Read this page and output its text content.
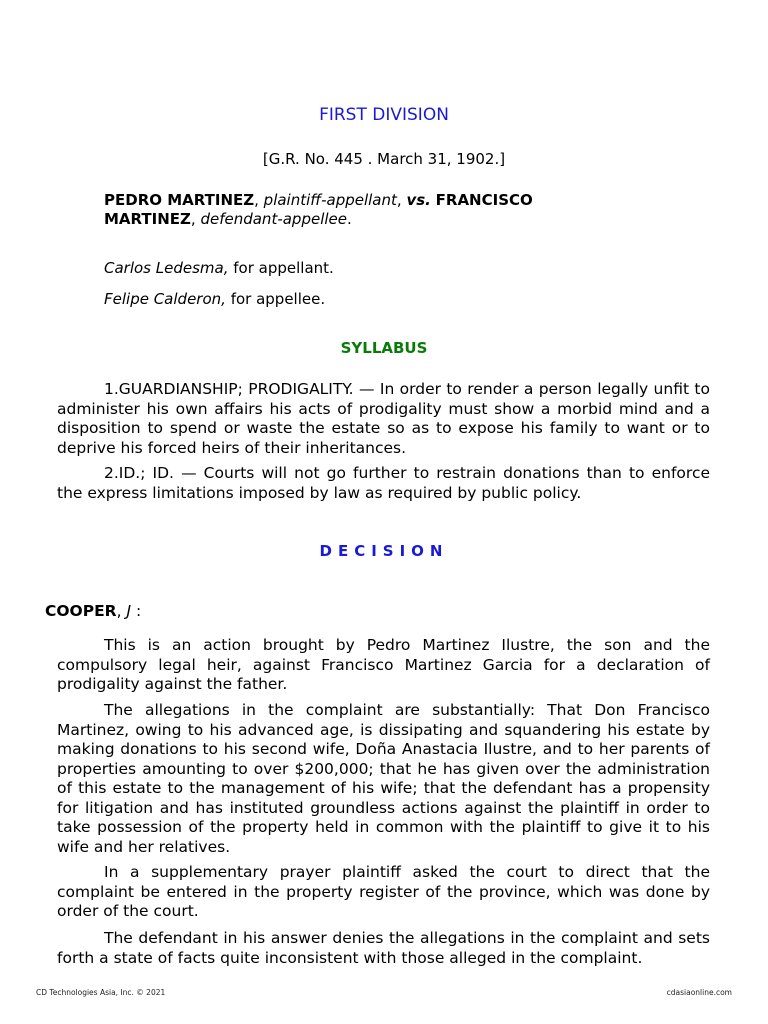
FIRST DIVISION
[G.R. No. 445 . March 31, 1902.]
PEDRO MARTINEZ, plaintiff-appellant, vs. FRANCISCO MARTINEZ, defendant-appellee.
Carlos Ledesma, for appellant.
Felipe Calderon, for appellee.
SYLLABUS
1.GUARDIANSHIP; PRODIGALITY. — In order to render a person legally unfit to administer his own affairs his acts of prodigality must show a morbid mind and a disposition to spend or waste the estate so as to expose his family to want or to deprive his forced heirs of their inheritances.
2.ID.; ID. — Courts will not go further to restrain donations than to enforce the express limitations imposed by law as required by public policy.
DECISION
COOPER, J :
This is an action brought by Pedro Martinez Ilustre, the son and the compulsory legal heir, against Francisco Martinez Garcia for a declaration of prodigality against the father.
The allegations in the complaint are substantially: That Don Francisco Martinez, owing to his advanced age, is dissipating and squandering his estate by making donations to his second wife, Doña Anastacia Ilustre, and to her parents of properties amounting to over $200,000; that he has given over the administration of this estate to the management of his wife; that the defendant has a propensity for litigation and has instituted groundless actions against the plaintiff in order to take possession of the property held in common with the plaintiff to give it to his wife and her relatives.
In a supplementary prayer plaintiff asked the court to direct that the complaint be entered in the property register of the province, which was done by order of the court.
The defendant in his answer denies the allegations in the complaint and sets forth a state of facts quite inconsistent with those alleged in the complaint.
CD Technologies Asia, Inc. © 2021	cdasiaonline.com
